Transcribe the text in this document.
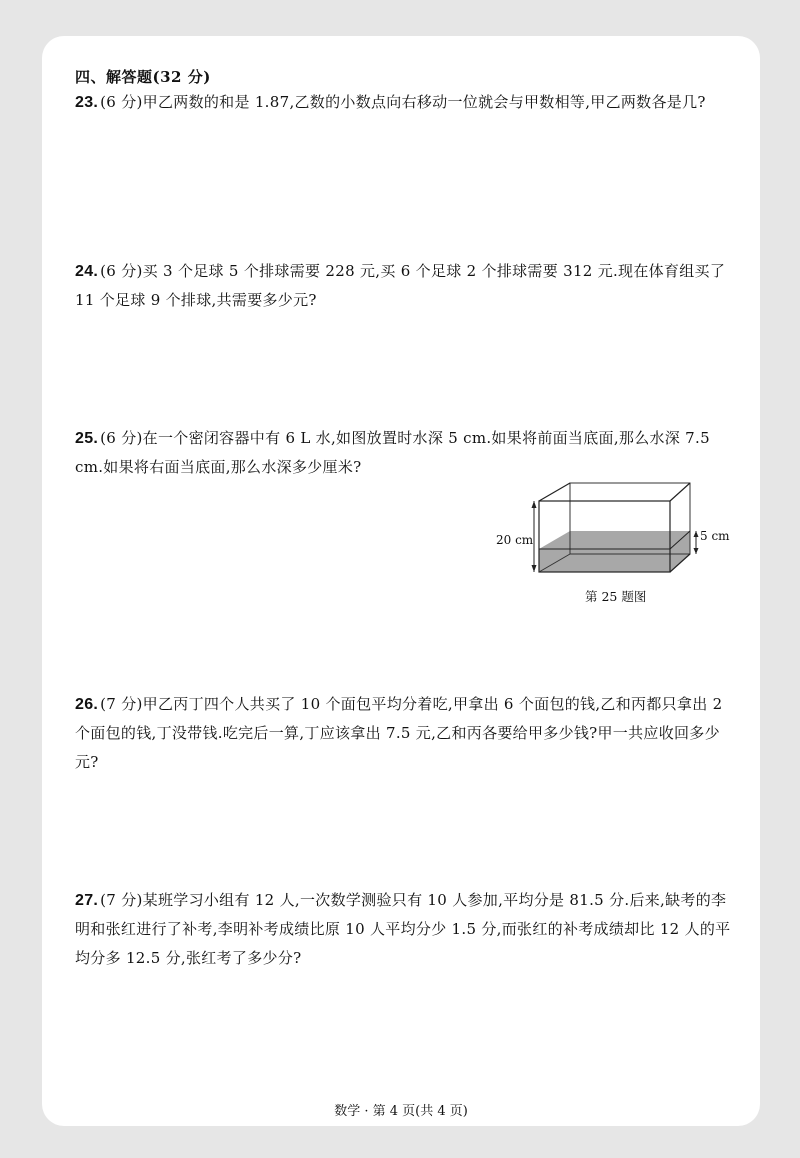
四、解答题(32 分)
23. (6 分)甲乙两数的和是 1.87,乙数的小数点向右移动一位就会与甲数相等,甲乙两数各是几?
24. (6 分)买 3 个足球 5 个排球需要 228 元,买 6 个足球 2 个排球需要 312 元.现在体育组买了 11 个足球 9 个排球,共需要多少元?
25. (6 分)在一个密闭容器中有 6 L 水,如图放置时水深 5 cm.如果将前面当底面,那么水深 7.5 cm.如果将右面当底面,那么水深多少厘米?
20 cm	5 cm
第 25 题图
26. (7 分)甲乙丙丁四个人共买了 10 个面包平均分着吃,甲拿出 6 个面包的钱,乙和丙都只拿出 2 个面包的钱,丁没带钱.吃完后一算,丁应该拿出 7.5 元,乙和丙各要给甲多少钱?甲一共应收回多少元?
27. (7 分)某班学习小组有 12 人,一次数学测验只有 10 人参加,平均分是 81.5 分.后来,缺考的李明和张红进行了补考,李明补考成绩比原 10 人平均分少 1.5 分,而张红的补考成绩却比 12 人的平均分多 12.5 分,张红考了多少分?
数学 · 第 4 页(共 4 页)
